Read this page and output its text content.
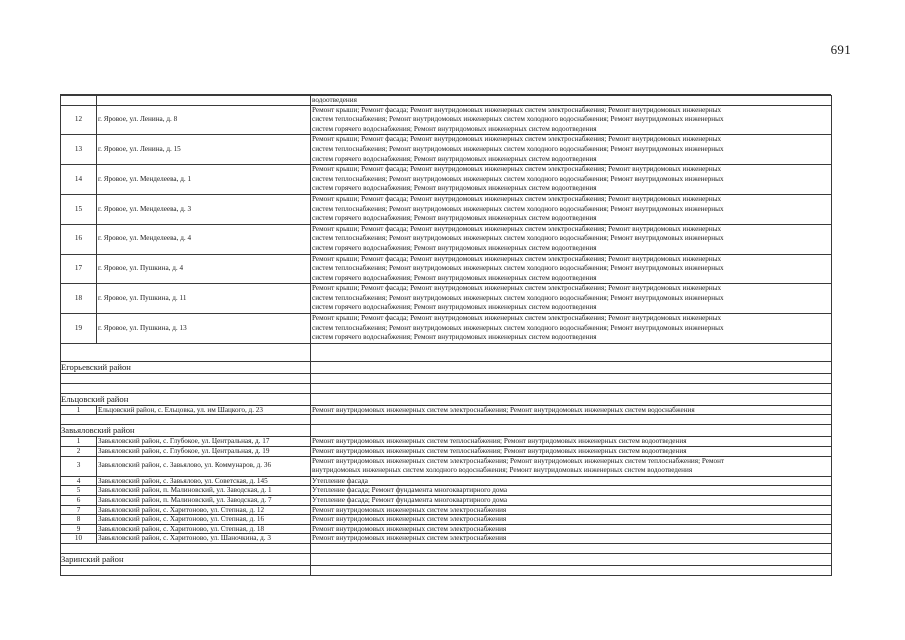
691
		водоотведения
12	г. Яровое, ул. Ленина, д. 8	Ремонт крыши; Ремонт фасада; Ремонт внутридомовых инженерных систем электроснабжения; Ремонт внутридомовых инженерных
систем теплоснабжения; Ремонт внутридомовых инженерных систем холодного водоснабжения; Ремонт внутридомовых инженерных
систем горячего водоснабжения; Ремонт внутридомовых инженерных систем водоотведения

13	г. Яровое, ул. Ленина, д. 15	Ремонт крыши; Ремонт фасада; Ремонт внутридомовых инженерных систем электроснабжения; Ремонт внутридомовых инженерных
систем теплоснабжения; Ремонт внутридомовых инженерных систем холодного водоснабжения; Ремонт внутридомовых инженерных
систем горячего водоснабжения; Ремонт внутридомовых инженерных систем водоотведения

14	г. Яровое, ул. Менделеева, д. 1	Ремонт крыши; Ремонт фасада; Ремонт внутридомовых инженерных систем электроснабжения; Ремонт внутридомовых инженерных
систем теплоснабжения; Ремонт внутридомовых инженерных систем холодного водоснабжения; Ремонт внутридомовых инженерных
систем горячего водоснабжения; Ремонт внутридомовых инженерных систем водоотведения

15	г. Яровое, ул. Менделеева, д. 3	Ремонт крыши; Ремонт фасада; Ремонт внутридомовых инженерных систем электроснабжения; Ремонт внутридомовых инженерных
систем теплоснабжения; Ремонт внутридомовых инженерных систем холодного водоснабжения; Ремонт внутридомовых инженерных
систем горячего водоснабжения; Ремонт внутридомовых инженерных систем водоотведения

16	г. Яровое, ул. Менделеева, д. 4	Ремонт крыши; Ремонт фасада; Ремонт внутридомовых инженерных систем электроснабжения; Ремонт внутридомовых инженерных
систем теплоснабжения; Ремонт внутридомовых инженерных систем холодного водоснабжения; Ремонт внутридомовых инженерных
систем горячего водоснабжения; Ремонт внутридомовых инженерных систем водоотведения

17	г. Яровое, ул. Пушкина, д. 4	Ремонт крыши; Ремонт фасада; Ремонт внутридомовых инженерных систем электроснабжения; Ремонт внутридомовых инженерных
систем теплоснабжения; Ремонт внутридомовых инженерных систем холодного водоснабжения; Ремонт внутридомовых инженерных
систем горячего водоснабжения; Ремонт внутридомовых инженерных систем водоотведения

18	г. Яровое, ул. Пушкина, д. 11	Ремонт крыши; Ремонт фасада; Ремонт внутридомовых инженерных систем электроснабжения; Ремонт внутридомовых инженерных
систем теплоснабжения; Ремонт внутридомовых инженерных систем холодного водоснабжения; Ремонт внутридомовых инженерных
систем горячего водоснабжения; Ремонт внутридомовых инженерных систем водоотведения

19	г. Яровое, ул. Пушкина, д. 13	Ремонт крыши; Ремонт фасада; Ремонт внутридомовых инженерных систем электроснабжения; Ремонт внутридомовых инженерных
систем теплоснабжения; Ремонт внутридомовых инженерных систем холодного водоснабжения; Ремонт внутридомовых инженерных
систем горячего водоснабжения; Ремонт внутридомовых инженерных систем водоотведения

Егорьевский район		

Ельцовский район		
1	Ельцовский район, с. Ельцовка, ул. им Шацкого, д. 23	Ремонт внутридомовых инженерных систем электроснабжения; Ремонт внутридомовых инженерных систем водоснабжения

Завьяловский район		
1	Завьяловский район, с. Глубокое, ул. Центральная, д. 17	Ремонт внутридомовых инженерных систем теплоснабжения; Ремонт внутридомовых инженерных систем водоотведения

2	Завьяловский район, с. Глубокое, ул. Центральная, д. 19	Ремонт внутридомовых инженерных систем теплоснабжения; Ремонт внутридомовых инженерных систем водоотведения

3	Завьяловский район, с. Завьялово, ул. Коммунаров, д. 36	Ремонт внутридомовых инженерных систем электроснабжения; Ремонт внутридомовых инженерных систем теплоснабжения; Ремонт
внутридомовых инженерных систем холодного водоснабжения; Ремонт внутридомовых инженерных систем водоотведения

4	Завьяловский район, с. Завьялово, ул. Советская, д. 145	Утепление фасада

5	Завьяловский район, п. Малиновский, ул. Заводская, д. 1	Утепление фасада; Ремонт фундамента многоквартирного дома

6	Завьяловский район, п. Малиновский, ул. Заводская, д. 7	Утепление фасада; Ремонт фундамента многоквартирного дома

7	Завьяловский район, с. Харитоново, ул. Степная, д. 12	Ремонт внутридомовых инженерных систем электроснабжения

8	Завьяловский район, с. Харитоново, ул. Степная, д. 16	Ремонт внутридомовых инженерных систем электроснабжения

9	Завьяловский район, с. Харитоново, ул. Степная, д. 18	Ремонт внутридомовых инженерных систем электроснабжения

10	Завьяловский район, с. Харитоново, ул. Шаночкина, д. 3	Ремонт внутридомовых инженерных систем электроснабжения

Заринский район		
